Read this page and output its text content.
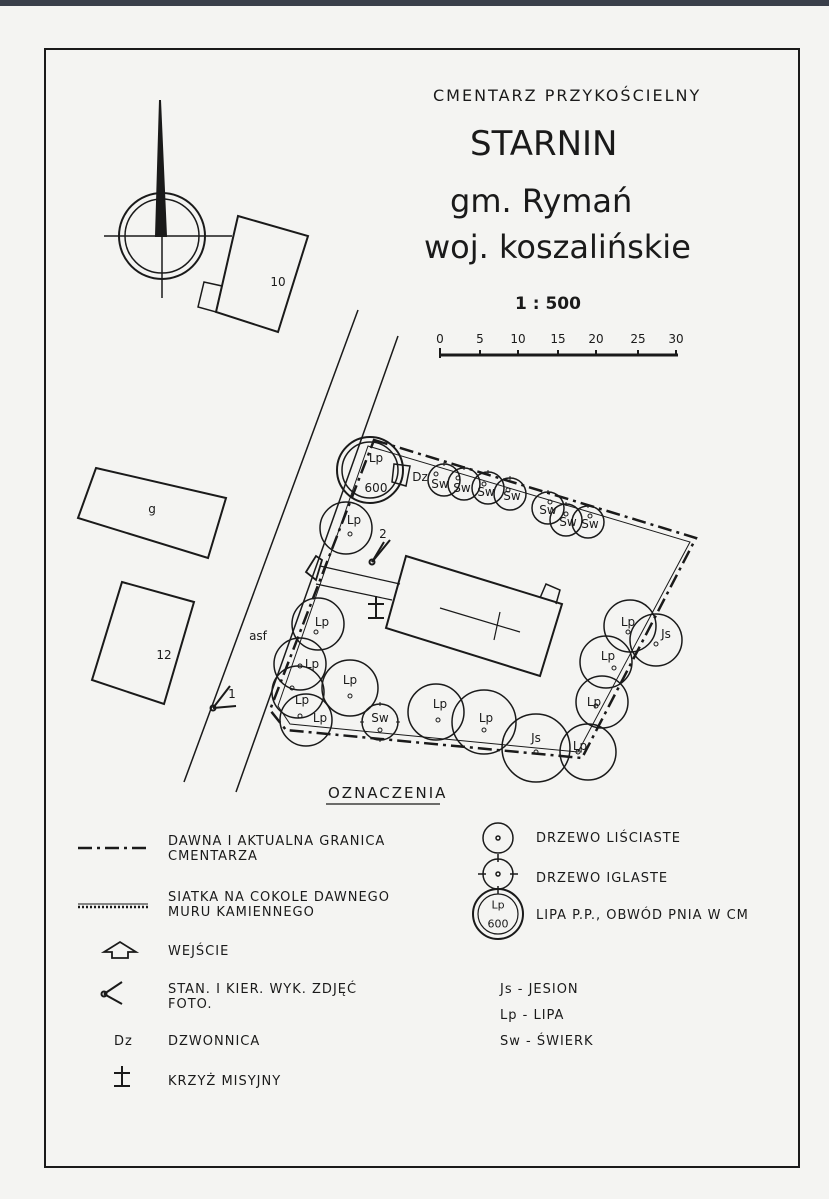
CMENTARZ PRZYKOŚCIELNY
STARNIN
gm. Rymań
woj. koszalińskie
1 : 500
0	5 10 15 20 25 30
10
g
12
asf
1
2
Lp
600
Dz Sw Sw Sw Sw
Sw
Sw Sw
Lp
Lp
Lp
Lp
Lp
Lp
Sw
Lp
Lp
Js
Lp
Lp
Lp
Lp
Js
OZNACZENIA
DAWNA I AKTUALNA GRANICA
SIATKA NA COKOLE DAWNEGO
MURU KAMIENNEGO
WEJŚCIE
STAN. I KIER. WYK. ZDJĘĆ
FOTO.
Dz	DZWONNICA
KRZYŻ MISYJNY
DRZEWO LIŚCIASTE
DRZEWO IGLASTE
Lp
600
LIPA P.P., OBWÓD PNIA W CM
Js - JESION
Lp - LIPA
Sw - ŚWIERK
CMENTARZA
